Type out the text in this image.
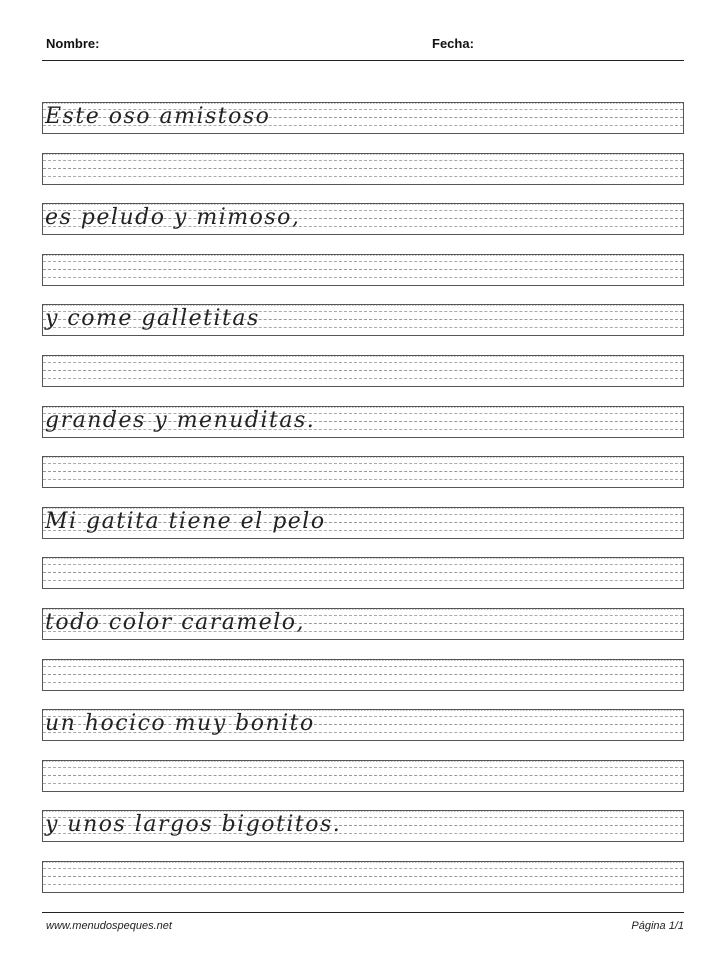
Nombre:	Fecha:
Este oso amistoso
es peludo y mimoso,
y come galletitas
grandes y menuditas.
Mi gatita tiene el pelo
todo color caramelo,
un hocico muy bonito
y unos largos bigotitos.
www.menudospeques.net	Página 1/1
